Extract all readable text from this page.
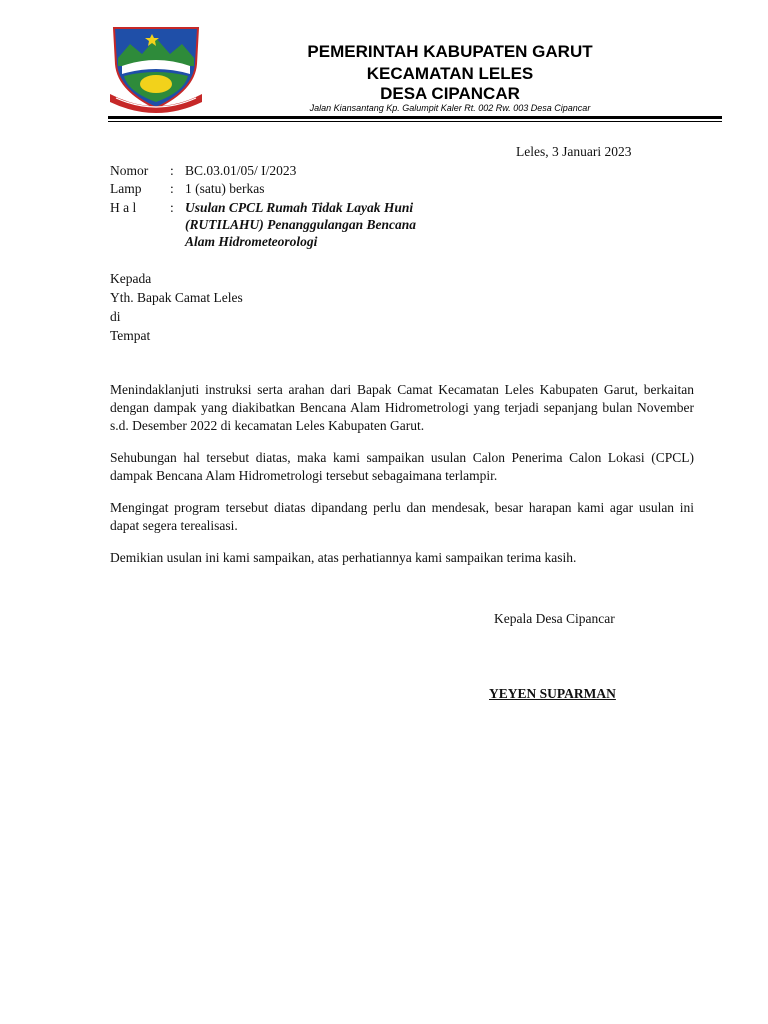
PEMERINTAH KABUPATEN GARUT
KECAMATAN LELES
DESA CIPANCAR
Jalan Kiansantang Kp. Galumpit Kaler Rt. 002 Rw. 003 Desa Cipancar
Leles, 3 Januari 2023
Nomor : BC.03.01/05/ I/2023
Lamp : 1 (satu) berkas
H a l	: Usulan CPCL Rumah Tidak Layak Huni
(RUTILAHU) Penanggulangan Bencana
Alam Hidrometeorologi
Kepada
Yth. Bapak Camat Leles
di
Tempat
Menindaklanjuti instruksi serta arahan dari Bapak Camat Kecamatan Leles Kabupaten Garut, berkaitan dengan dampak yang diakibatkan Bencana Alam Hidrometrologi yang terjadi sepanjang bulan November s.d. Desember 2022 di kecamatan Leles Kabupaten Garut.
Sehubungan hal tersebut diatas, maka kami sampaikan usulan Calon Penerima Calon Lokasi (CPCL) dampak Bencana Alam Hidrometrologi tersebut sebagaimana terlampir.
Mengingat program tersebut diatas dipandang perlu dan mendesak, besar harapan kami agar usulan ini dapat segera terealisasi.
Demikian usulan ini kami sampaikan, atas perhatiannya kami sampaikan terima kasih.
Kepala Desa Cipancar
YEYEN SUPARMAN
